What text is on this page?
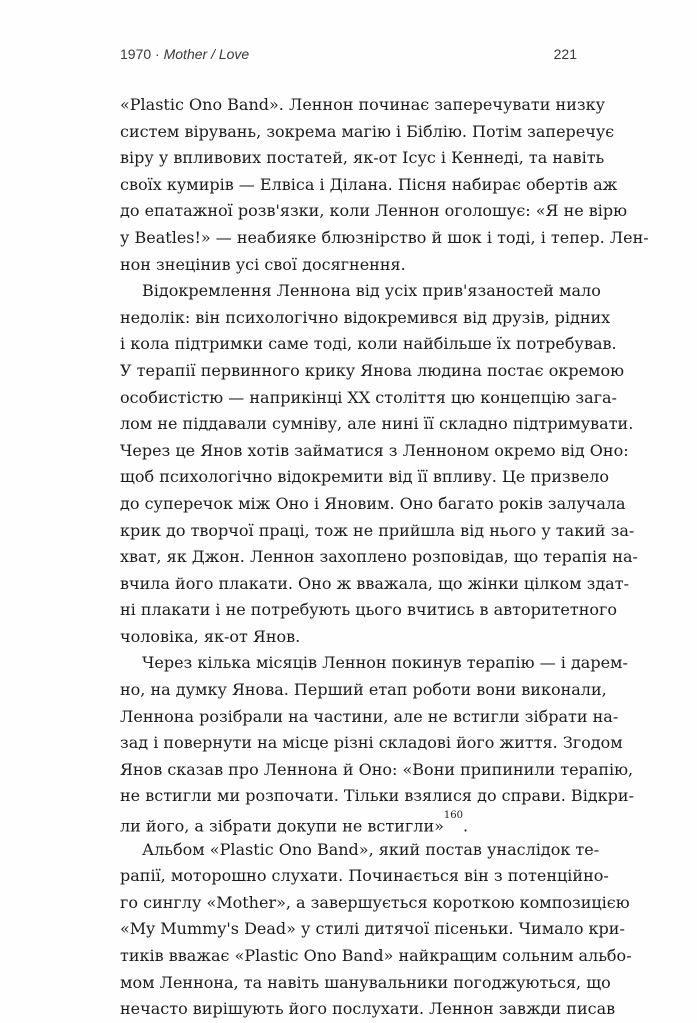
1970 · Mother / Love	221
«Plastic Ono Band». Леннон починає заперечувати низку
систем вірувань, зокрема магію і Біблію. Потім заперечує
віру у впливових постатей, як-от Ісус і Кеннеді, та навіть
своїх кумирів — Елвіса і Ділана. Пісня набирає обертів аж
до епатажної розв'язки, коли Леннон оголошує: «Я не вірю
у Beatles!» — неабияке блюзнірство й шок і тоді, і тепер. Лен-
нон знецінив усі свої досягнення.
Відокремлення Леннона від усіх прив'язаностей мало
недолік: він психологічно відокремився від друзів, рідних
і кола підтримки саме тоді, коли найбільше їх потребував.
У терапії первинного крику Янова людина постає окремою
особистістю — наприкінці XX століття цю концепцію зага-
лом не піддавали сумніву, але нині її складно підтримувати.
Через це Янов хотів займатися з Ленноном окремо від Оно:
щоб психологічно відокремити від її впливу. Це призвело
до суперечок між Оно і Яновим. Оно багато років залучала
крик до творчої праці, тож не прийшла від нього у такий за-
хват, як Джон. Леннон захоплено розповідав, що терапія на-
вчила його плакати. Оно ж вважала, що жінки цілком здат-
ні плакати і не потребують цього вчитись в авторитетного
чоловіка, як-от Янов.
Через кілька місяців Леннон покинув терапію — і дарем-
но, на думку Янова. Перший етап роботи вони виконали,
Леннона розібрали на частини, але не встигли зібрати на-
зад і повернути на місце різні складові його життя. Згодом
Янов сказав про Леннона й Оно: «Вони припинили терапію,
не встигли ми розпочати. Тільки взялися до справи. Відкри-
ли його, а зібрати докупи не встигли»$^{160}$.
Альбом «Plastic Ono Band», який постав унаслідок те-
рапії, моторошно слухати. Починається він з потенційно-
го синглу «Mother», а завершується короткою композицією
«My Mummy's Dead» у стилі дитячої пісеньки. Чимало кри-
тиків вважає «Plastic Ono Band» найкращим сольним альбо-
мом Леннона, та навіть шанувальники погоджуються, що
нечасто вирішують його послухати. Леннон завжди писав
